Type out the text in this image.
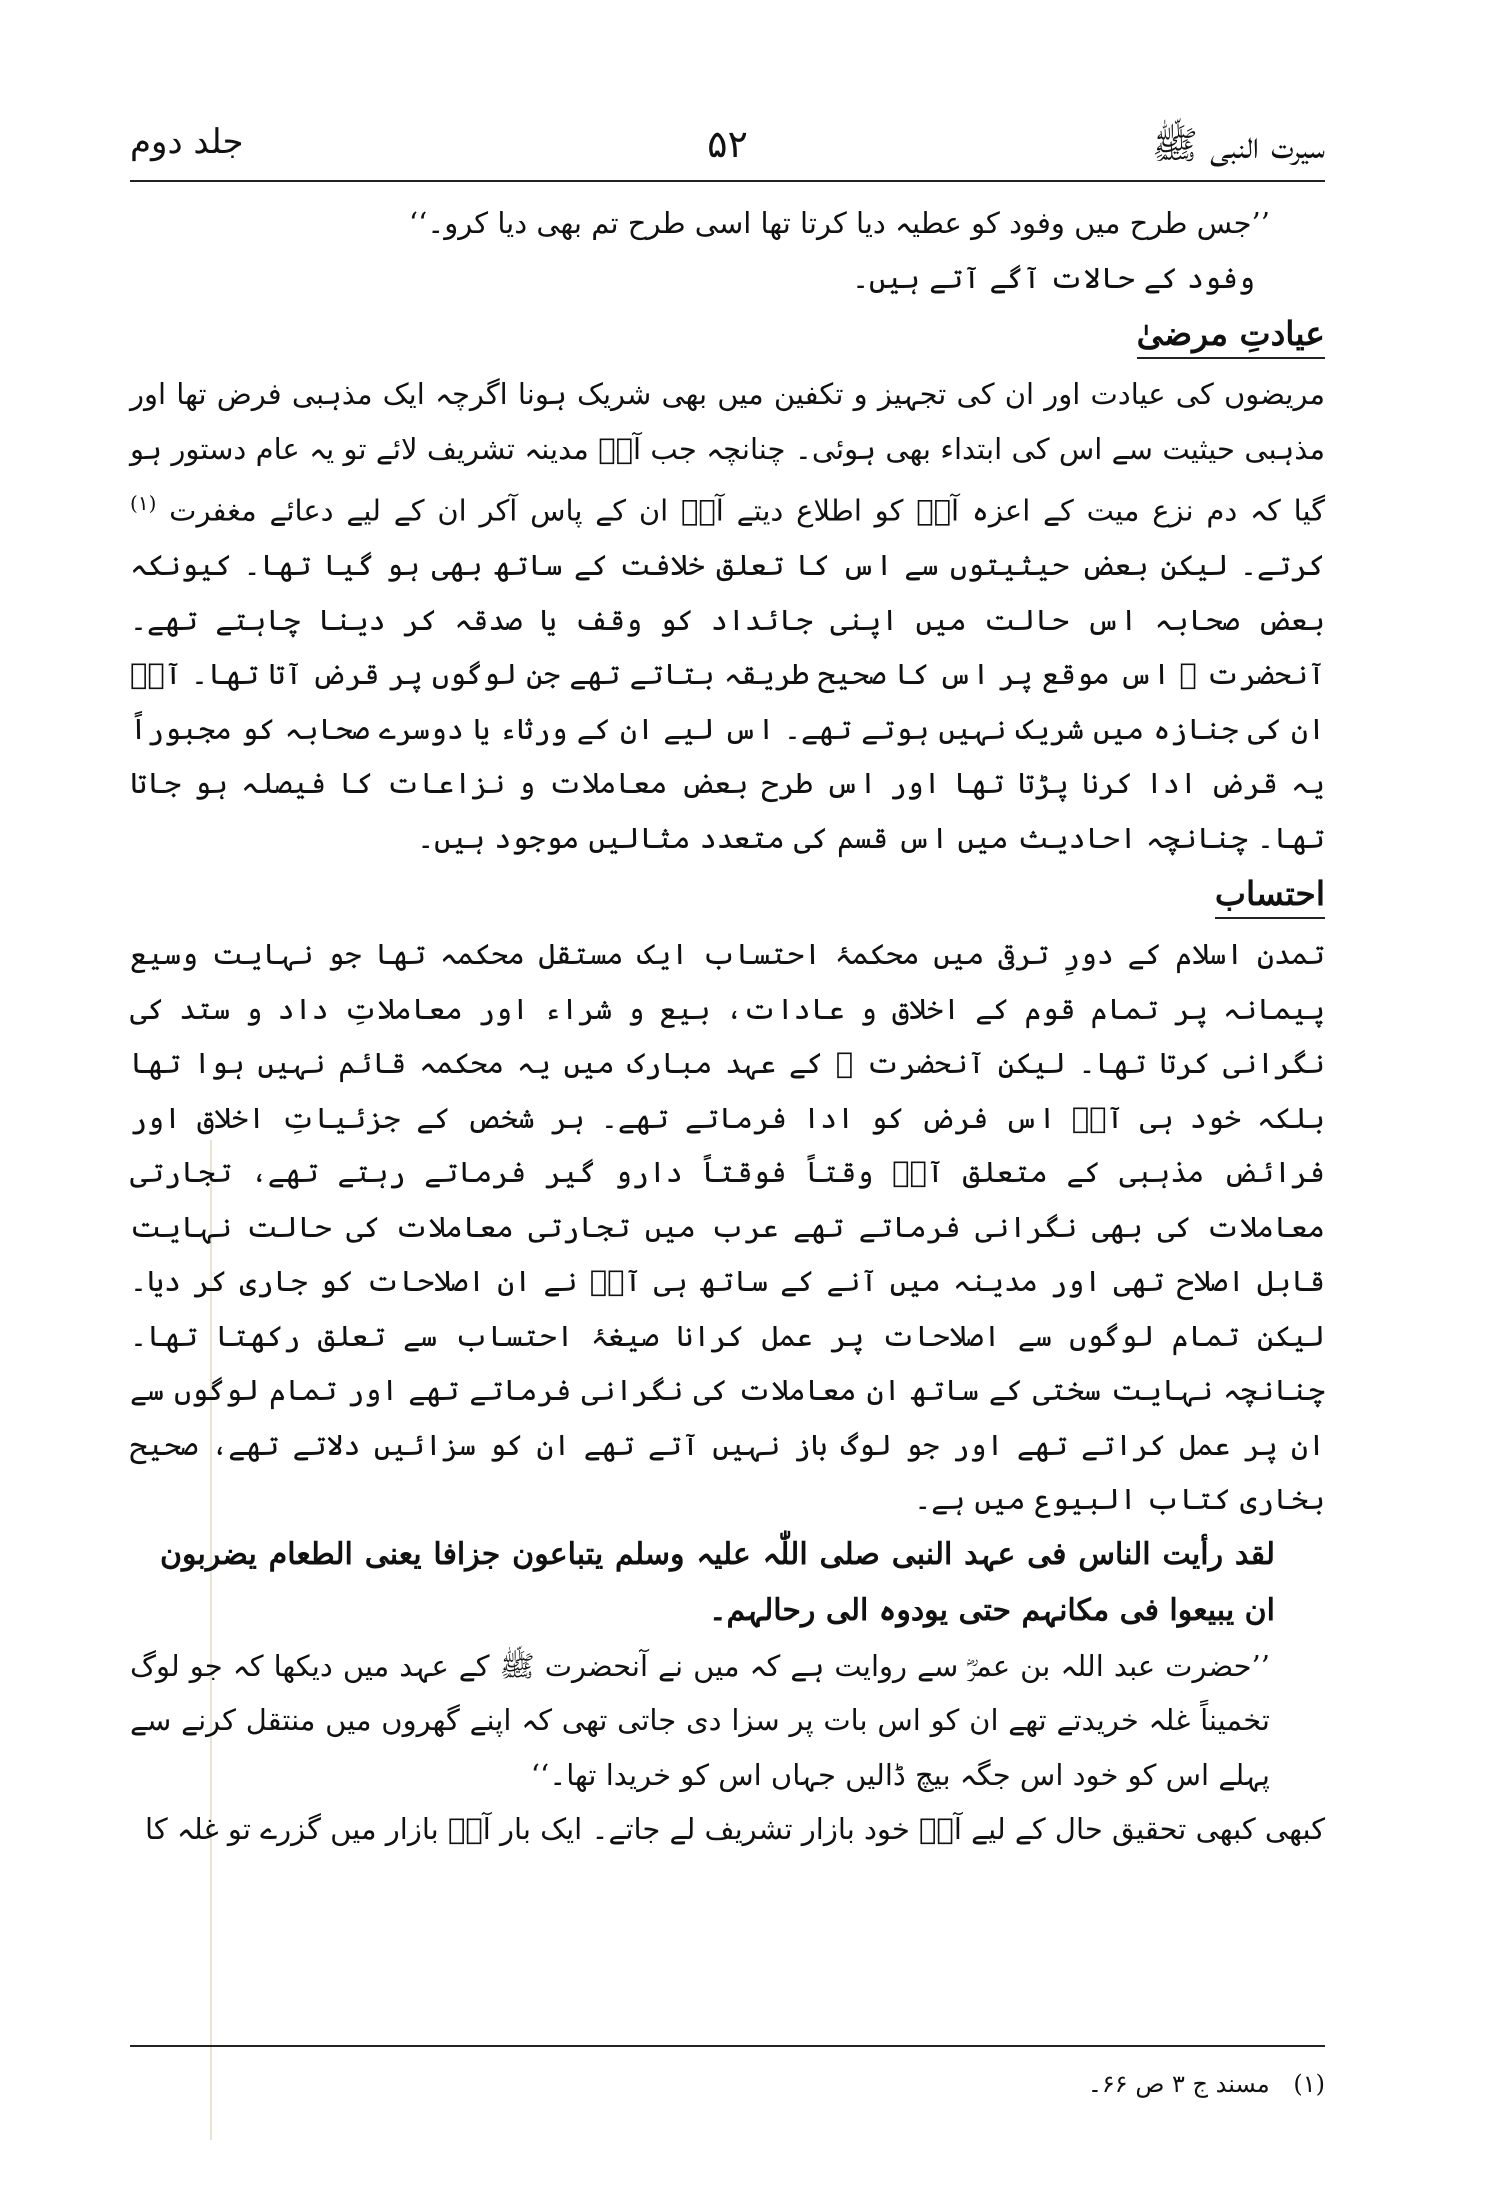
سیرت النبی ﷺ
۵۲
جلد دوم

’’جس طرح میں وفود کو عطیہ دیا کرتا تھا اسی طرح تم بھی دیا کرو۔‘‘

وفود کے حالات آگے آتے ہیں۔

عیادتِ مرضیٰ

مریضوں کی عیادت اور ان کی تجہیز و تکفین میں بھی شریک ہونا اگرچہ ایک مذہبی فرض تھا اور مذہبی حیثیت سے اس کی ابتداء بھی ہوئی۔ چنانچہ جب آپؐ مدینہ تشریف لائے تو یہ عام دستور ہو گیا کہ دم نزع میت کے اعزہ آپؐ کو اطلاع دیتے آپؐ ان کے پاس آکر ان کے لیے دعائے مغفرت $^{(۱)}$ کرتے۔ لیکن بعض حیثیتوں سے اس کا تعلق خلافت کے ساتھ بھی ہو گیا تھا۔ کیونکہ بعض صحابہ اس حالت میں اپنی جائداد کو وقف یا صدقہ کر دینا چاہتے تھے۔ آنحضرت ﷺ اس موقع پر اس کا صحیح طریقہ بتاتے تھے جن لوگوں پر قرض آتا تھا۔ آپؐ ان کی جنازہ میں شریک نہیں ہوتے تھے۔ اس لیے ان کے ورثاء یا دوسرے صحابہ کو مجبوراً یہ قرض ادا کرنا پڑتا تھا اور اس طرح بعض معاملات و نزاعات کا فیصلہ ہو جاتا تھا۔ چنانچہ احادیث میں اس قسم کی متعدد مثالیں موجود ہیں۔

احتساب

تمدن اسلام کے دورِ ترقی میں محکمۂ احتساب ایک مستقل محکمہ تھا جو نہایت وسیع پیمانہ پر تمام قوم کے اخلاق و عادات، بیع و شراء اور معاملاتِ داد و ستد کی نگرانی کرتا تھا۔ لیکن آنحضرت ﷺ کے عہد مبارک میں یہ محکمہ قائم نہیں ہوا تھا بلکہ خود ہی آپؐ اس فرض کو ادا فرماتے تھے۔ ہر شخص کے جزئیاتِ اخلاق اور فرائض مذہبی کے متعلق آپؐ وقتاً فوقتاً دارو گیر فرماتے رہتے تھے، تجارتی معاملات کی بھی نگرانی فرماتے تھے عرب میں تجارتی معاملات کی حالت نہایت قابل اصلاح تھی اور مدینہ میں آنے کے ساتھ ہی آپؐ نے ان اصلاحات کو جاری کر دیا۔ لیکن تمام لوگوں سے اصلاحات پر عمل کرانا صیغۂ احتساب سے تعلق رکھتا تھا۔ چنانچہ نہایت سختی کے ساتھ ان معاملات کی نگرانی فرماتے تھے اور تمام لوگوں سے ان پر عمل کراتے تھے اور جو لوگ باز نہیں آتے تھے ان کو سزائیں دلاتے تھے، صحیح بخاری کتاب البیوع میں ہے۔

لقد رأیت الناس فی عہد النبی صلی اللّٰہ علیہ وسلم یتباعون جزافا یعنی الطعام یضربون ان یبیعوا فی مکانہم حتی یودوہ الی رحالہم۔

’’حضرت عبد اللہ بن عمرؓ سے روایت ہے کہ میں نے آنحضرت ﷺ کے عہد میں دیکھا کہ جو لوگ تخمیناً غلہ خریدتے تھے ان کو اس بات پر سزا دی جاتی تھی کہ اپنے گھروں میں منتقل کرنے سے پہلے اس کو خود اس جگہ بیچ ڈالیں جہاں اس کو خریدا تھا۔‘‘

کبھی کبھی تحقیق حال کے لیے آپؐ خود بازار تشریف لے جاتے۔ ایک بار آپؐ بازار میں گزرے تو غلہ کا

(۱) مسند ج ۳ ص ۶۶۔
